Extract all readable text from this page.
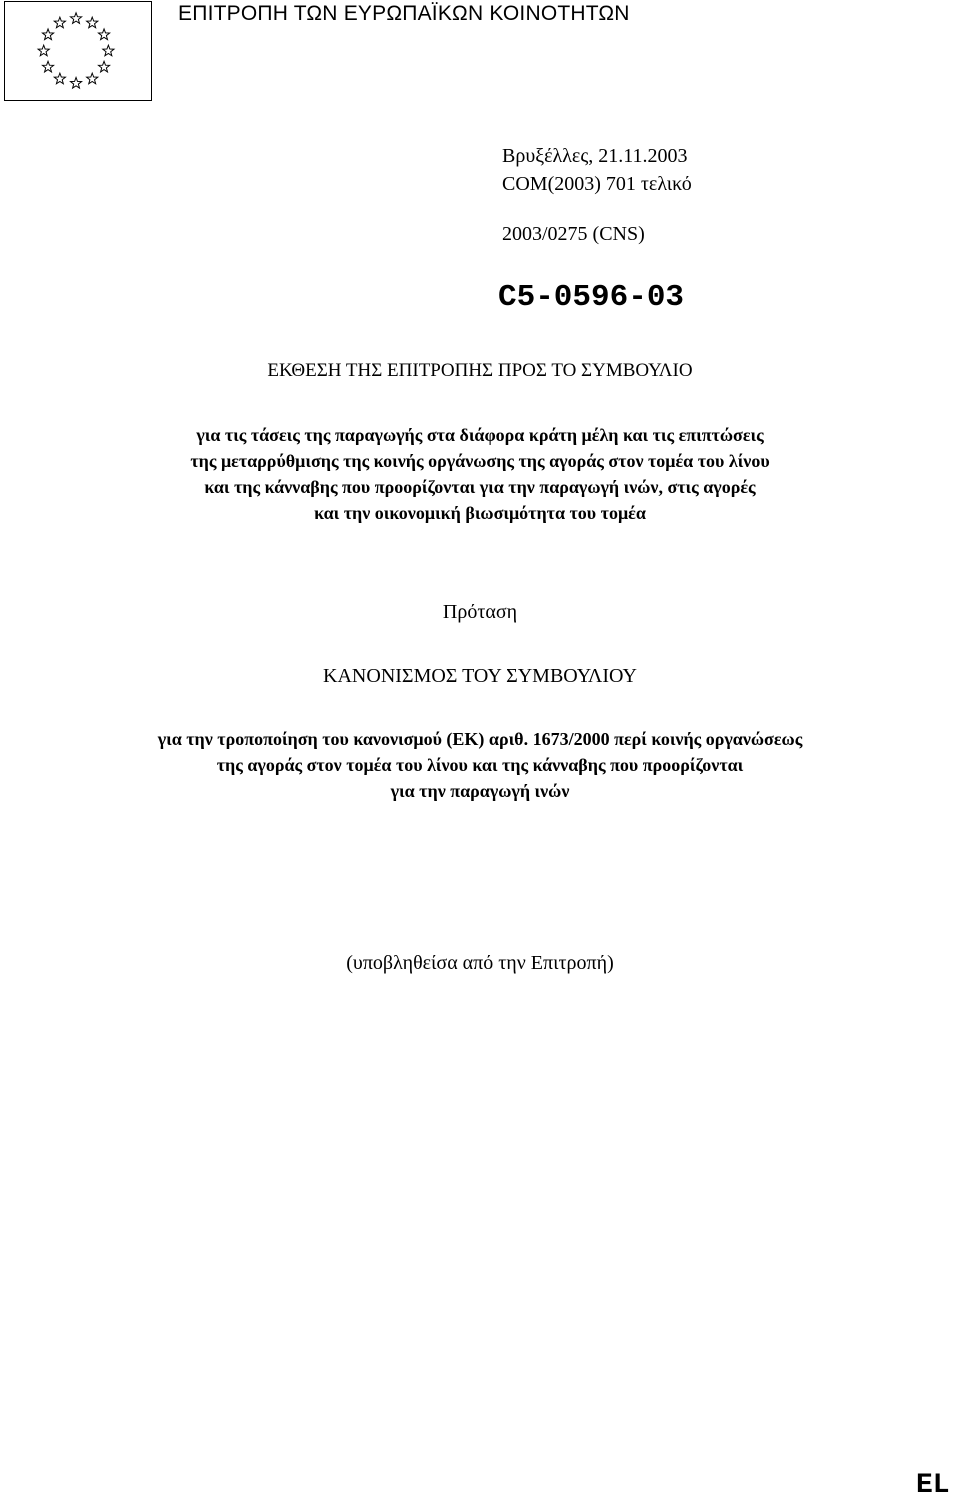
ΕΠΙΤΡΟΠΗ ΤΩΝ ΕΥΡΩΠΑΪΚΩΝ ΚΟΙΝΟΤΗΤΩΝ
Βρυξέλλες, 21.11.2003
COM(2003) 701 τελικό
2003/0275 (CNS)
C5-0596-03
ΕΚΘΕΣΗ ΤΗΣ ΕΠΙΤΡΟΠΗΣ ΠΡΟΣ ΤΟ ΣΥΜΒΟΥΛΙΟ
για τις τάσεις της παραγωγής στα διάφορα κράτη μέλη και τις επιπτώσεις
της μεταρρύθμισης της κοινής οργάνωσης της αγοράς στον τομέα του λίνου
και της κάνναβης που προορίζονται για την παραγωγή ινών, στις αγορές
και την οικονομική βιωσιμότητα του τομέα
Πρόταση
ΚΑΝΟΝΙΣΜΟΣ ΤΟΥ ΣΥΜΒΟΥΛΙΟΥ
για την τροποποίηση του κανονισμού (ΕΚ) αριθ. 1673/2000 περί κοινής οργανώσεως
της αγοράς στον τομέα του λίνου και της κάνναβης που προορίζονται
για την παραγωγή ινών
(υποβληθείσα από την Επιτροπή)
EL
